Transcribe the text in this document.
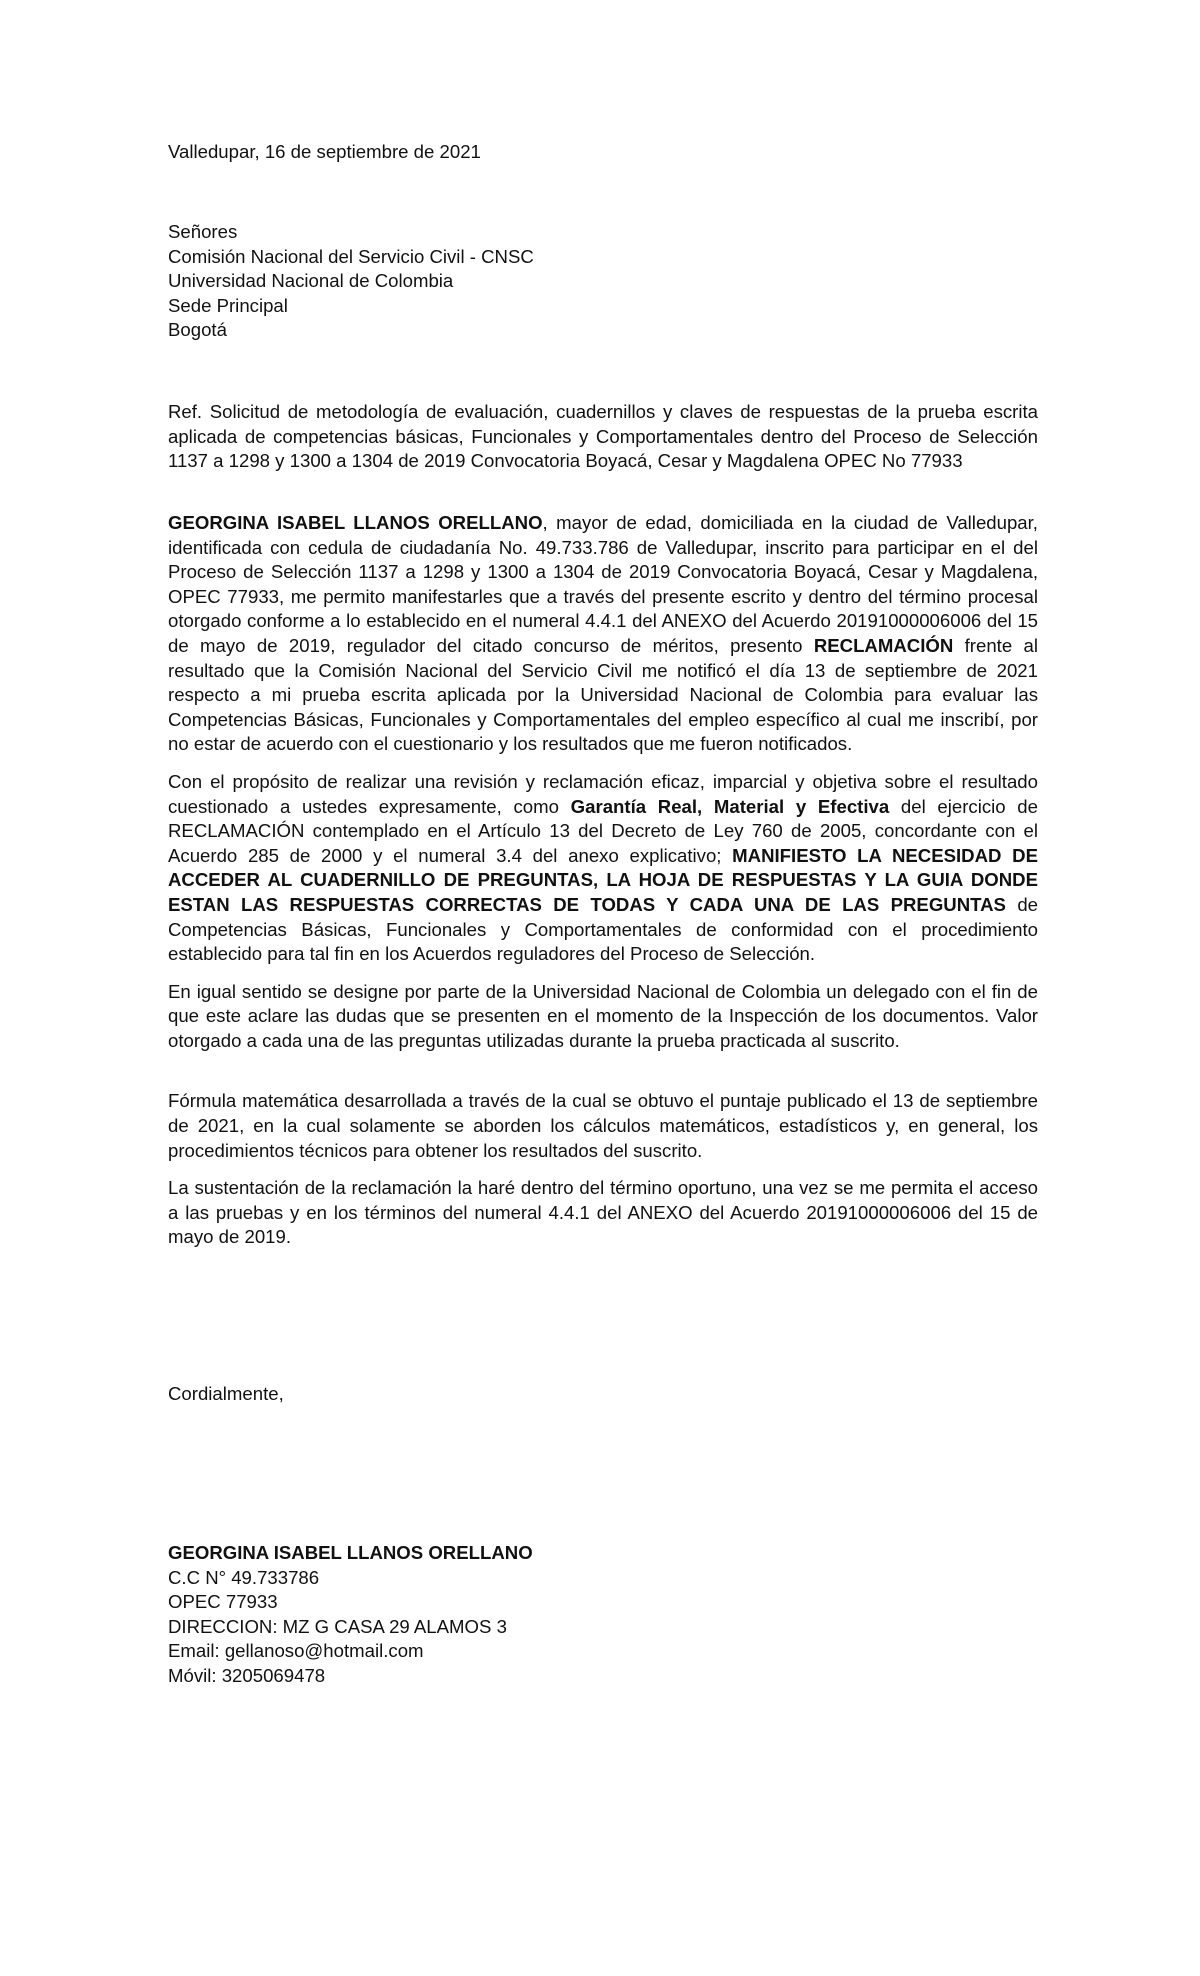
Valledupar, 16 de septiembre de 2021
Señores
Comisión Nacional del Servicio Civil - CNSC
Universidad Nacional de Colombia
Sede Principal
Bogotá

Ref. Solicitud de metodología de evaluación, cuadernillos y claves de respuestas de la prueba escrita aplicada de competencias básicas, Funcionales y Comportamentales dentro del Proceso de Selección 1137 a 1298 y 1300 a 1304 de 2019 Convocatoria Boyacá, Cesar y Magdalena OPEC No 77933

GEORGINA ISABEL LLANOS ORELLANO, mayor de edad, domiciliada en la ciudad de Valledupar, identificada con cedula de ciudadanía No. 49.733.786 de Valledupar, inscrito para participar en el del Proceso de Selección 1137 a 1298 y 1300 a 1304 de 2019 Convocatoria Boyacá, Cesar y Magdalena, OPEC 77933, me permito manifestarles que a través del presente escrito y dentro del término procesal otorgado conforme a lo establecido en el numeral 4.4.1 del ANEXO del Acuerdo 20191000006006 del 15 de mayo de 2019, regulador del citado concurso de méritos, presento RECLAMACIÓN frente al resultado que la Comisión Nacional del Servicio Civil me notificó el día 13 de septiembre de 2021 respecto a mi prueba escrita aplicada por la Universidad Nacional de Colombia para evaluar las Competencias Básicas, Funcionales y Comportamentales del empleo específico al cual me inscribí, por no estar de acuerdo con el cuestionario y los resultados que me fueron notificados.

Con el propósito de realizar una revisión y reclamación eficaz, imparcial y objetiva sobre el resultado cuestionado a ustedes expresamente, como Garantía Real, Material y Efectiva del ejercicio de RECLAMACIÓN contemplado en el Artículo 13 del Decreto de Ley 760 de 2005, concordante con el Acuerdo 285 de 2000 y el numeral 3.4 del anexo explicativo; MANIFIESTO LA NECESIDAD DE ACCEDER AL CUADERNILLO DE PREGUNTAS, LA HOJA DE RESPUESTAS Y LA GUIA DONDE ESTAN LAS RESPUESTAS CORRECTAS DE TODAS Y CADA UNA DE LAS PREGUNTAS de Competencias Básicas, Funcionales y Comportamentales de conformidad con el procedimiento establecido para tal fin en los Acuerdos reguladores del Proceso de Selección.

En igual sentido se designe por parte de la Universidad Nacional de Colombia un delegado con el fin de que este aclare las dudas que se presenten en el momento de la Inspección de los documentos. Valor otorgado a cada una de las preguntas utilizadas durante la prueba practicada al suscrito.

Fórmula matemática desarrollada a través de la cual se obtuvo el puntaje publicado el 13 de septiembre de 2021, en la cual solamente se aborden los cálculos matemáticos, estadísticos y, en general, los procedimientos técnicos para obtener los resultados del suscrito.

La sustentación de la reclamación la haré dentro del término oportuno, una vez se me permita el acceso a las pruebas y en los términos del numeral 4.4.1 del ANEXO del Acuerdo 20191000006006 del 15 de mayo de 2019.

Cordialmente,
GEORGINA ISABEL LLANOS ORELLANO
C.C N° 49.733786
OPEC 77933
DIRECCION: MZ G CASA 29 ALAMOS 3
Email: gellanoso@hotmail.com
Móvil: 3205069478
